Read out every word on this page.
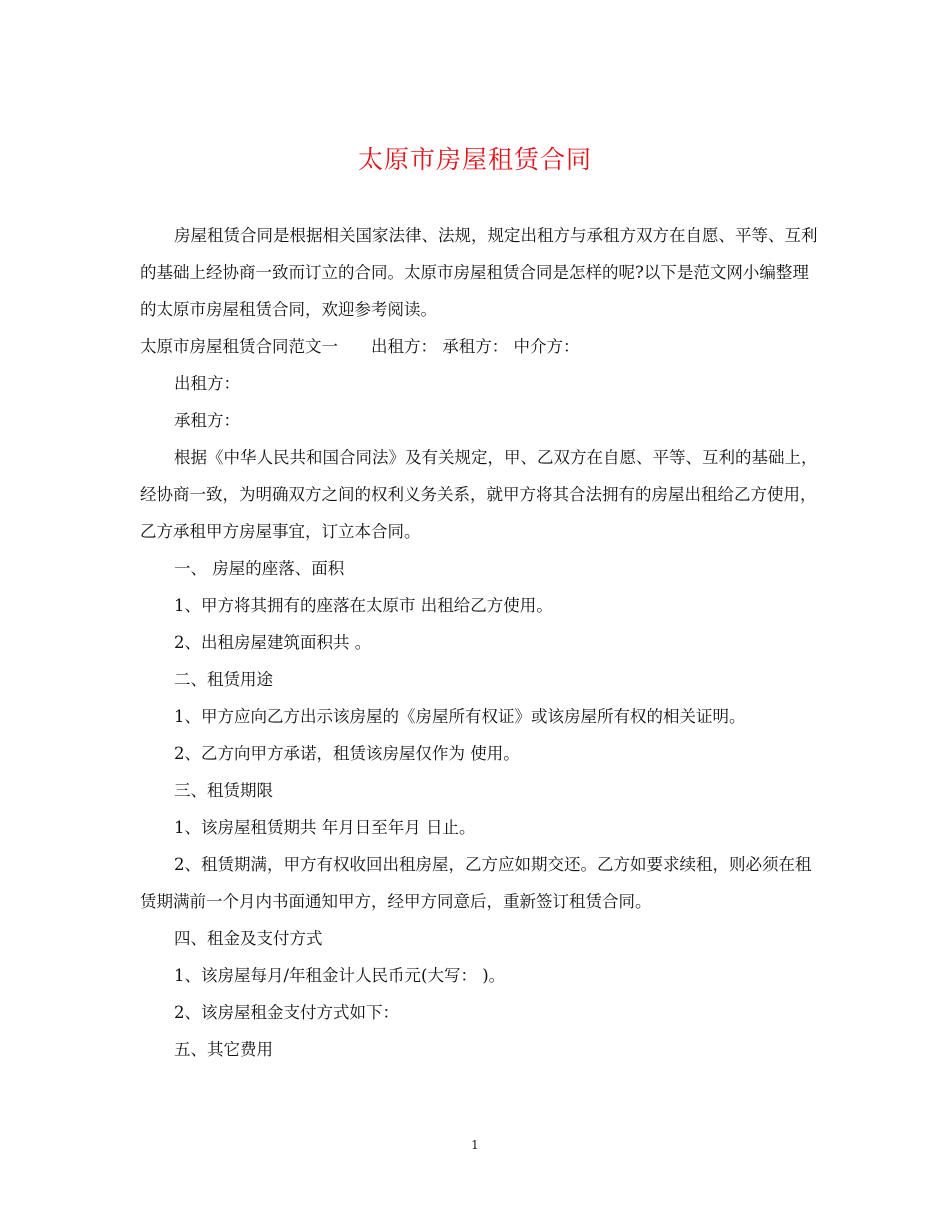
太原市房屋租赁合同

房屋租赁合同是根据相关国家法律、法规，规定出租方与承租方双方在自愿、平等、互利的基础上经协商一致而订立的合同。太原市房屋租赁合同是怎样的呢?以下是范文网小编整理的太原市房屋租赁合同，欢迎参考阅读。

太原市房屋租赁合同范文一　　出租方： 承租方： 中介方：

出租方：

承租方：

根据《中华人民共和国合同法》及有关规定，甲、乙双方在自愿、平等、互利的基础上，经协商一致，为明确双方之间的权利义务关系，就甲方将其合法拥有的房屋出租给乙方使用，乙方承租甲方房屋事宜，订立本合同。

一、 房屋的座落、面积

1、甲方将其拥有的座落在太原市 出租给乙方使用。

2、出租房屋建筑面积共 。

二、租赁用途

1、甲方应向乙方出示该房屋的《房屋所有权证》或该房屋所有权的相关证明。

2、乙方向甲方承诺，租赁该房屋仅作为 使用。

三、租赁期限

1、该房屋租赁期共 年月日至年月 日止。

2、租赁期满，甲方有权收回出租房屋，乙方应如期交还。乙方如要求续租，则必须在租赁期满前一个月内书面通知甲方，经甲方同意后，重新签订租赁合同。

四、租金及支付方式

1、该房屋每月/年租金计人民币元(大写： )。

2、该房屋租金支付方式如下：

五、其它费用

1
